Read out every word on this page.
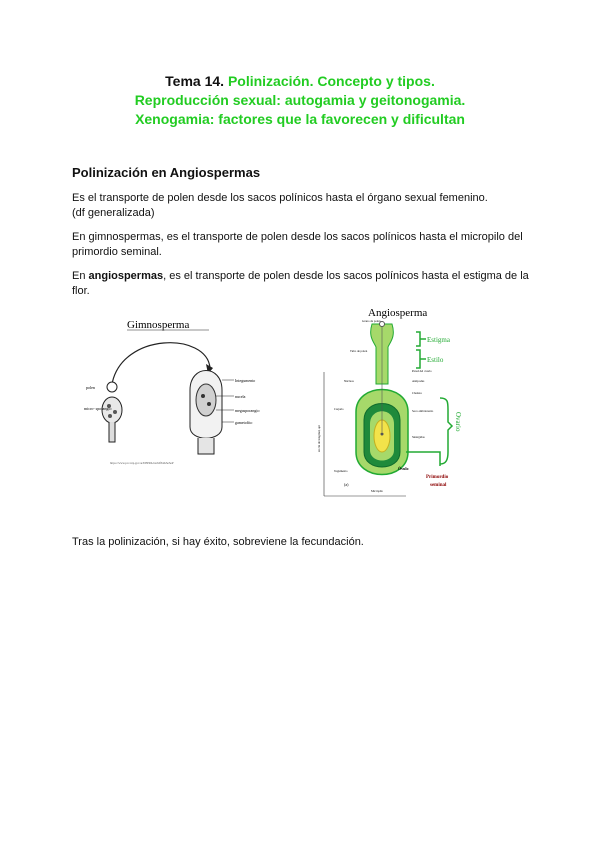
Tema 14. Polinización. Concepto y tipos.
Reproducción sexual: autogamia y geitonogamia.
Xenogamia: factores que la favorecen y dificultan
Polinización en Angiospermas
Es el transporte de polen desde los sacos polínicos hasta el órgano sexual femenino.
(df generalizada)
En gimnospermas, es el transporte de polen desde los sacos polínicos hasta el micropilo del primordio seminal.
En angiospermas, es el transporte de polen desde los sacos polínicos hasta el estigma de la flor.
Gimnosperma
polen
micro- sporangio
Integumento
nucela
megasporangio
gametofito
https://www.pcc.nrp.gov.ar/DEPPA/nu/hIfX2kSeSeP
Angiosperma
en cm de longitud, apr
Grano de polen
Tubo de polen
Núcleos
Carpelo
Tegumento
Micrópilo
Pared del ovario
Saco embrionario
Sinérgidas
Antípodas
Chalaza
(a)
Óvulo
Estigma
Estilo
Ovario
Primordio
seminal
Tras la polinización, si hay éxito, sobreviene la fecundación.
